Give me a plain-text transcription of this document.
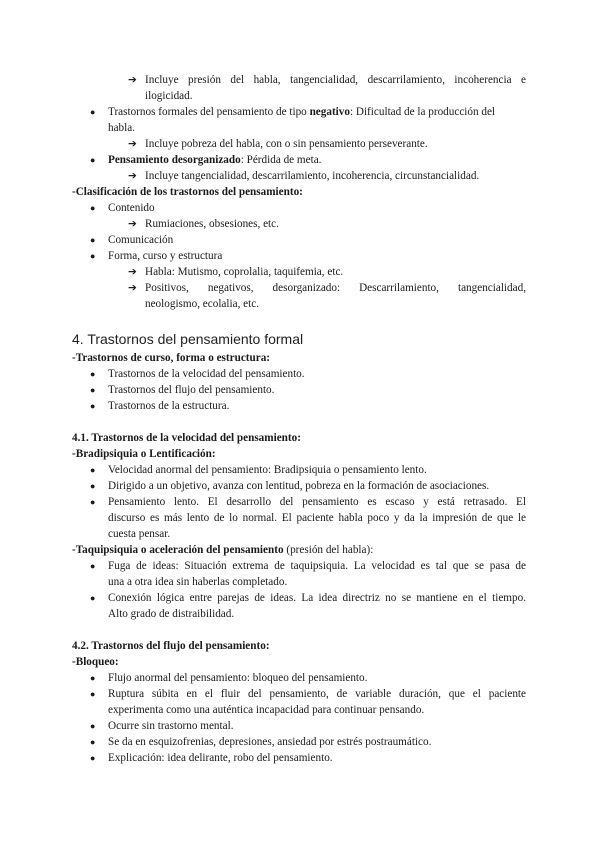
➔ Incluye presión del habla, tangencialidad, descarrilamiento, incoherencia e
ilogicidad.
● Trastornos formales del pensamiento de tipo negativo: Dificultad de la producción del
habla.
➔ Incluye pobreza del habla, con o sin pensamiento perseverante.
● Pensamiento desorganizado: Pérdida de meta.
➔ Incluye tangencialidad, descarrilamiento, incoherencia, circunstancialidad.
-Clasificación de los trastornos del pensamiento:
● Contenido
➔ Rumiaciones, obsesiones, etc.
● Comunicación
● Forma, curso y estructura
➔ Habla: Mutismo, coprolalia, taquifemia, etc.
➔ Positivos, negativos, desorganizado: Descarrilamiento, tangencialidad,
neologismo, ecolalia, etc.
4. Trastornos del pensamiento formal
-Trastornos de curso, forma o estructura:
● Trastornos de la velocidad del pensamiento.
● Trastornos del flujo del pensamiento.
● Trastornos de la estructura.
4.1. Trastornos de la velocidad del pensamiento:
-Bradipsiquia o Lentificación:
● Velocidad anormal del pensamiento: Bradipsiquia o pensamiento lento.
● Dirigido a un objetivo, avanza con lentitud, pobreza en la formación de asociaciones.
● Pensamiento lento. El desarrollo del pensamiento es escaso y está retrasado. El
discurso es más lento de lo normal. El paciente habla poco y da la impresión de que le
cuesta pensar.
-Taquipsiquia o aceleración del pensamiento (presión del habla):
● Fuga de ideas: Situación extrema de taquipsiquia. La velocidad es tal que se pasa de
una a otra idea sin haberlas completado.
● Conexión lógica entre parejas de ideas. La idea directriz no se mantiene en el tiempo.
Alto grado de distraibilidad.
4.2. Trastornos del flujo del pensamiento:
-Bloqueo:
● Flujo anormal del pensamiento: bloqueo del pensamiento.
● Ruptura súbita en el fluir del pensamiento, de variable duración, que el paciente
experimenta como una auténtica incapacidad para continuar pensando.
● Ocurre sin trastorno mental.
● Se da en esquizofrenias, depresiones, ansiedad por estrés postraumático.
● Explicación: idea delirante, robo del pensamiento.
